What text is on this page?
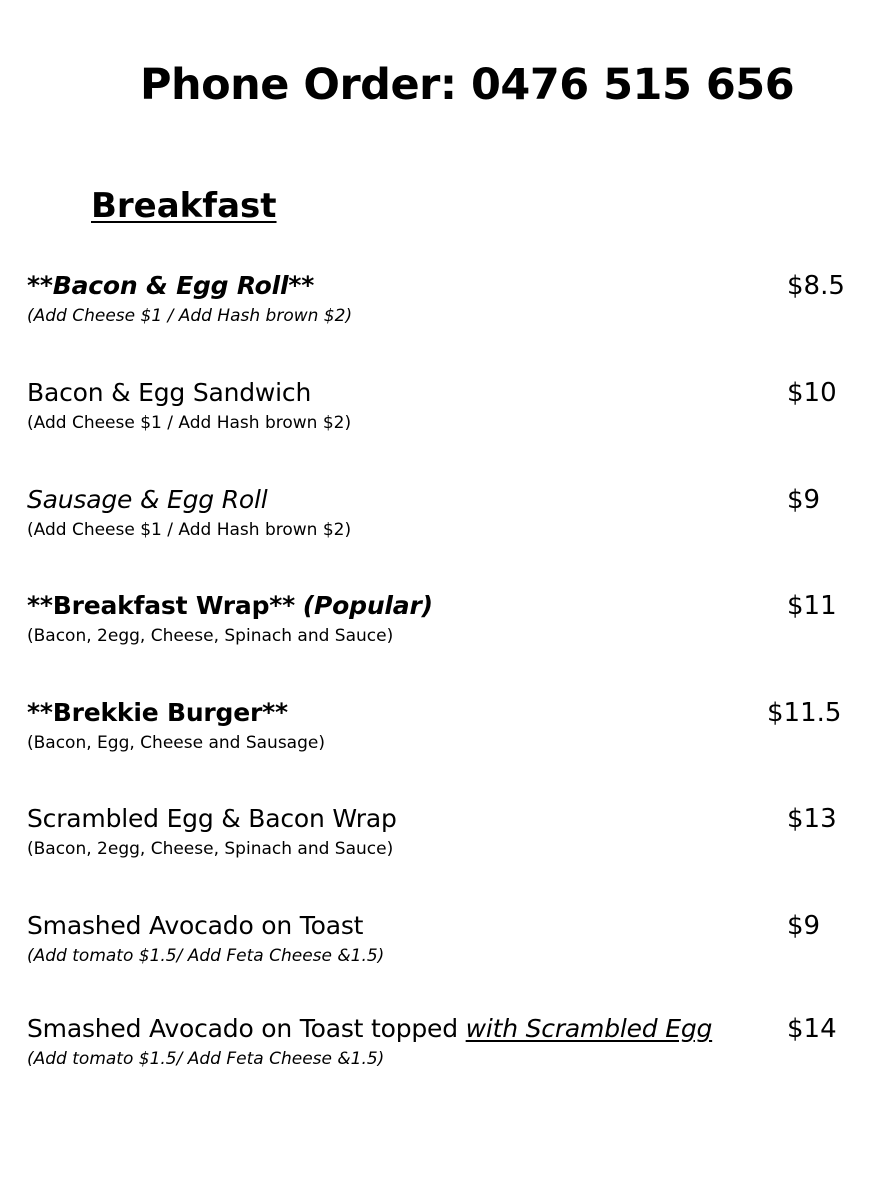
Phone Order: 0476 515 656
Breakfast
**Bacon & Egg Roll**
(Add Cheese $1 / Add Hash brown $2)
$8.5
Bacon & Egg Sandwich
(Add Cheese $1 / Add Hash brown $2)
$10
Sausage & Egg Roll
(Add Cheese $1 / Add Hash brown $2)
$9
**Breakfast Wrap** (Popular)
(Bacon, 2egg, Cheese, Spinach and Sauce)
$11
**Brekkie Burger**
(Bacon, Egg, Cheese and Sausage)
$11.5
Scrambled Egg & Bacon Wrap
(Bacon, 2egg, Cheese, Spinach and Sauce)
$13
Smashed Avocado on Toast
(Add tomato $1.5/ Add Feta Cheese &1.5)
$9
Smashed Avocado on Toast topped with Scrambled Egg
(Add tomato $1.5/ Add Feta Cheese &1.5)
$14
